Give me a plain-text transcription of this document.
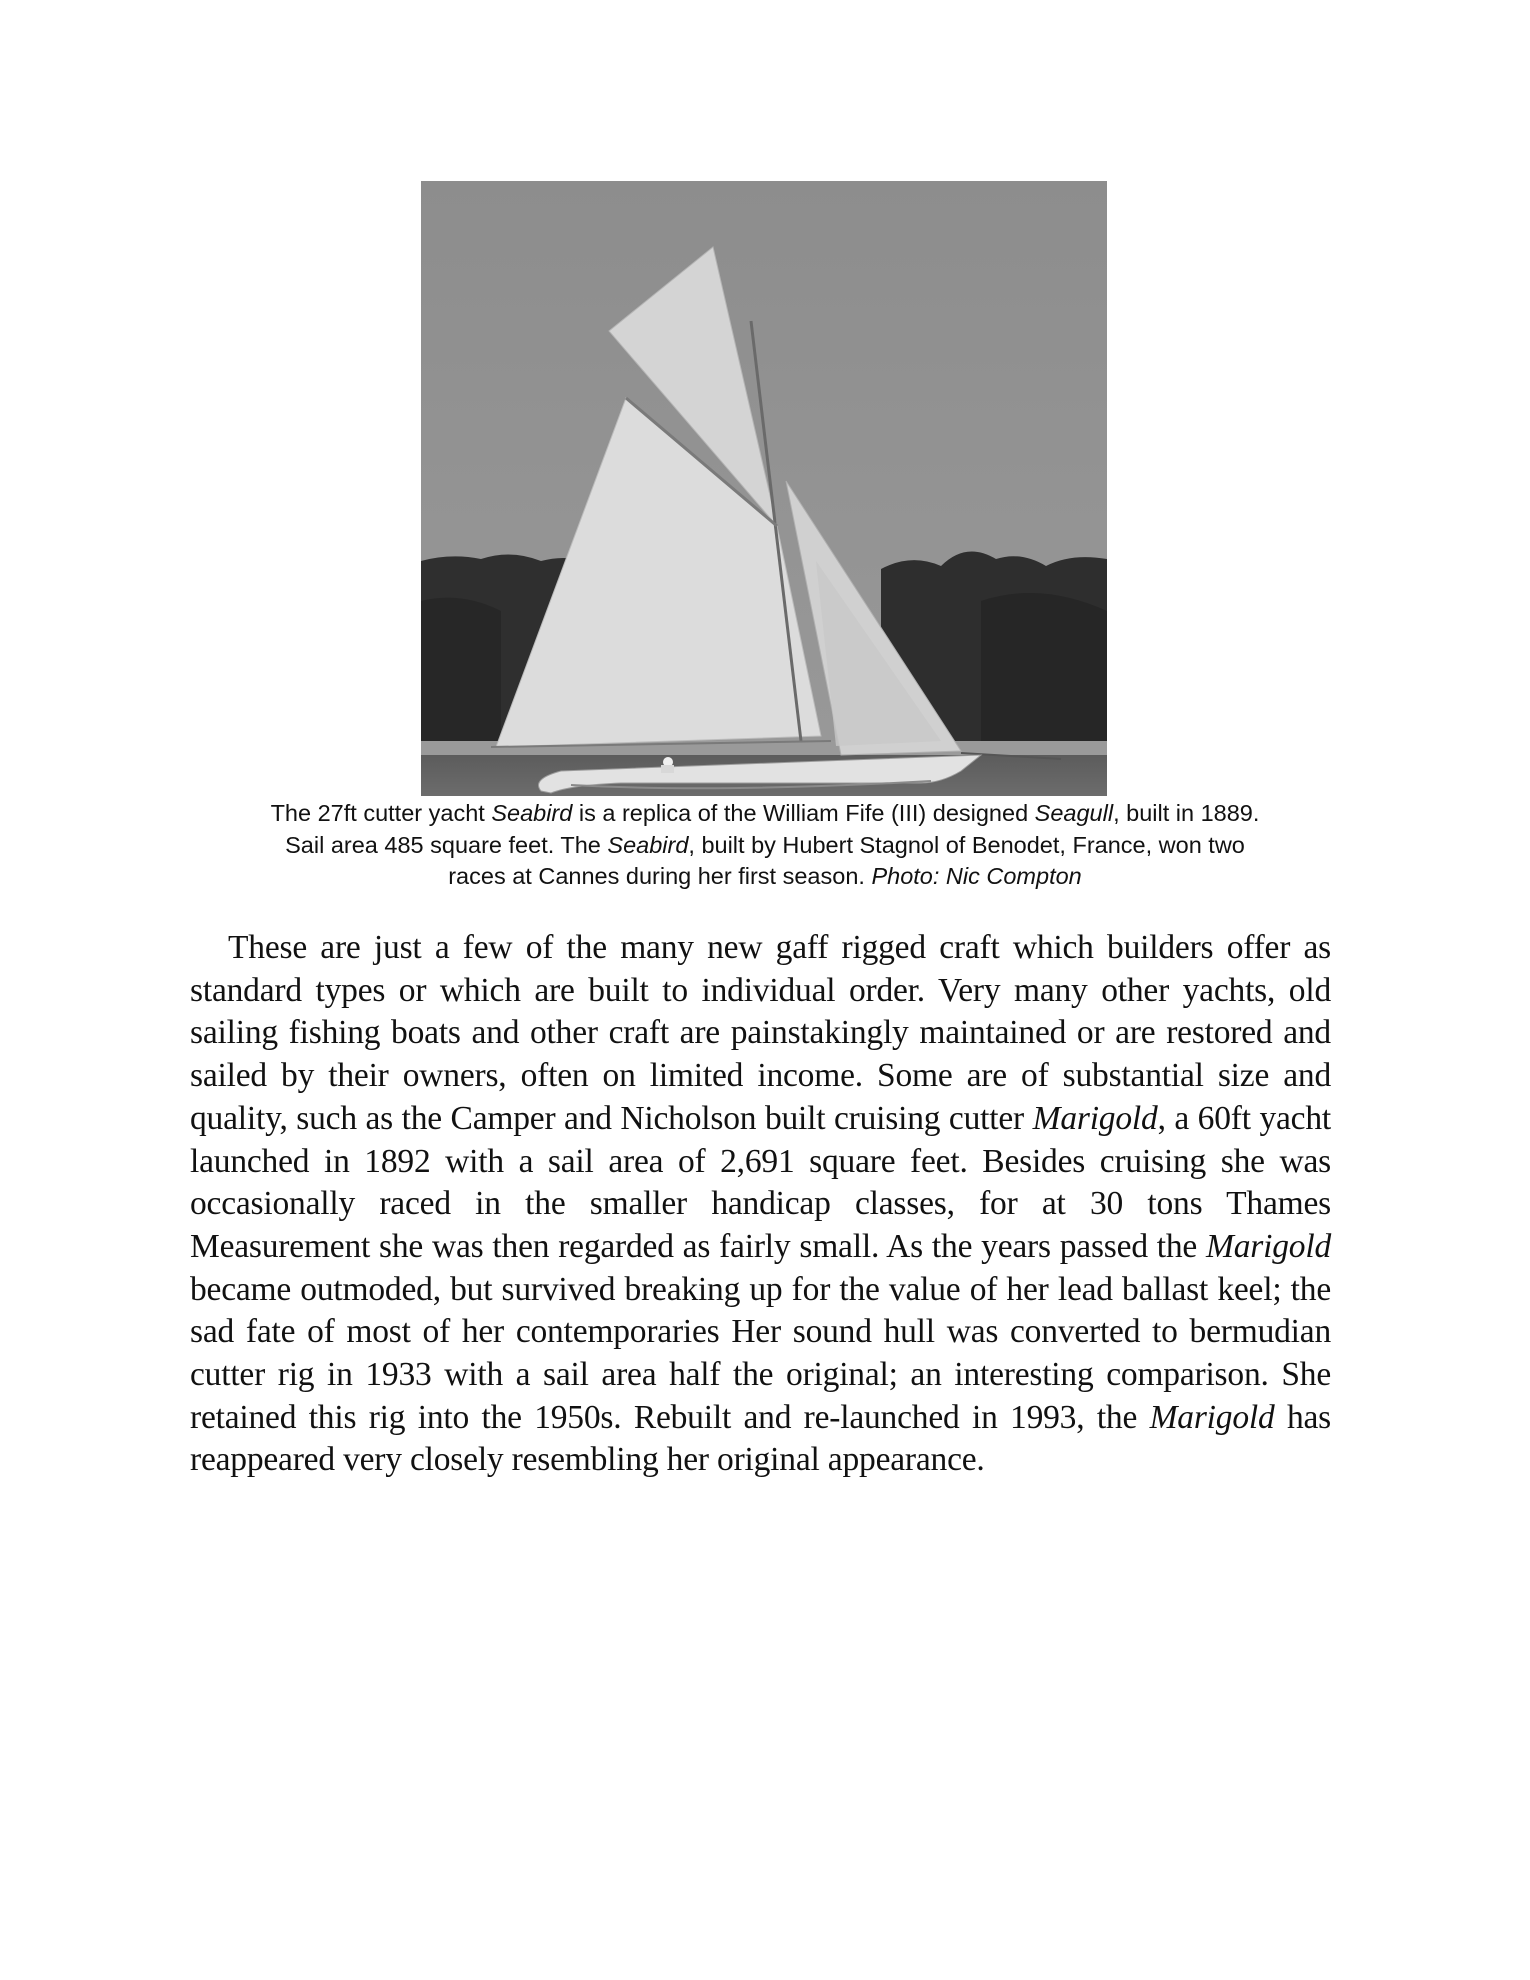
The 27ft cutter yacht Seabird is a replica of the William Fife (III) designed Seagull, built in 1889.
Sail area 485 square feet. The Seabird, built by Hubert Stagnol of Benodet, France, won two
races at Cannes during her first season. Photo: Nic Compton

These are just a few of the many new gaff rigged craft which builders offer as standard types or which are built to individual order. Very many other yachts, old sailing fishing boats and other craft are painstakingly maintained or are restored and sailed by their owners, often on limited income. Some are of substantial size and quality, such as the Camper and Nicholson built cruising cutter Marigold, a 60ft yacht launched in 1892 with a sail area of 2,691 square feet. Besides cruising she was occasionally raced in the smaller handicap classes, for at 30 tons Thames Measurement she was then regarded as fairly small. As the years passed the Marigold became outmoded, but survived breaking up for the value of her lead ballast keel; the sad fate of most of her contemporaries Her sound hull was converted to bermudian cutter rig in 1933 with a sail area half the original; an interesting comparison. She retained this rig into the 1950s. Rebuilt and re-launched in 1993, the Marigold has reappeared very closely resembling her original appearance.
